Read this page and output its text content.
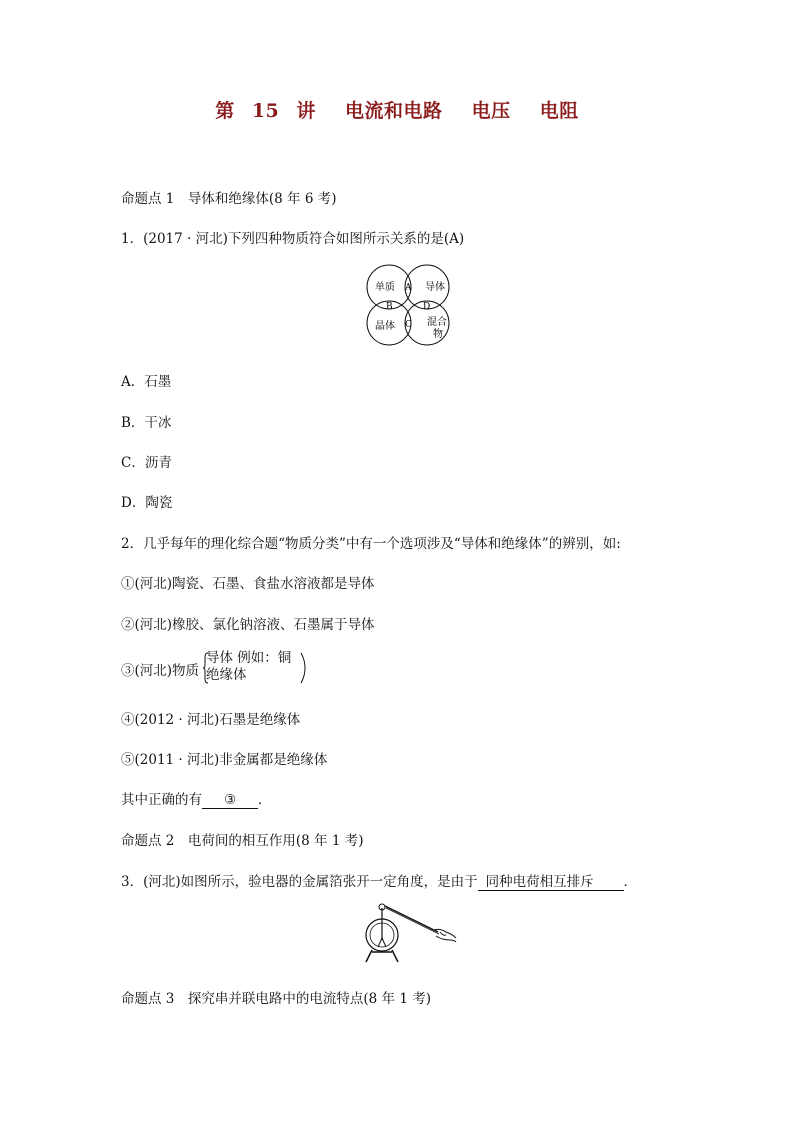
第 15 讲 电流和电路 电压 电阻
命题点 1　导体和绝缘体(8 年 6 考)
1．(2017 · 河北)下列四种物质符合如图所示关系的是(A)
单质	导体
晶体	混合
物
A
B
C
D
A．石墨
B．干冰
C．沥青
D．陶瓷
2．几乎每年的理化综合题“物质分类”中有一个选项涉及“导体和绝缘体”的辨别，如:
①(河北)陶瓷、石墨、食盐水溶液都是导体
②(河北)橡胶、氯化钠溶液、石墨属于导体
③(河北)物质
导体 例如：铜
绝缘体
④(2012 · 河北)石墨是绝缘体
⑤(2011 · 河北)非金属都是绝缘体
其中正确的有 ③ ．
命题点 2　电荷间的相互作用(8 年 1 考)
3．(河北)如图所示，验电器的金属箔张开一定角度，是由于 同种电荷相互排斥 ．
命题点 3　探究串并联电路中的电流特点(8 年 1 考)
